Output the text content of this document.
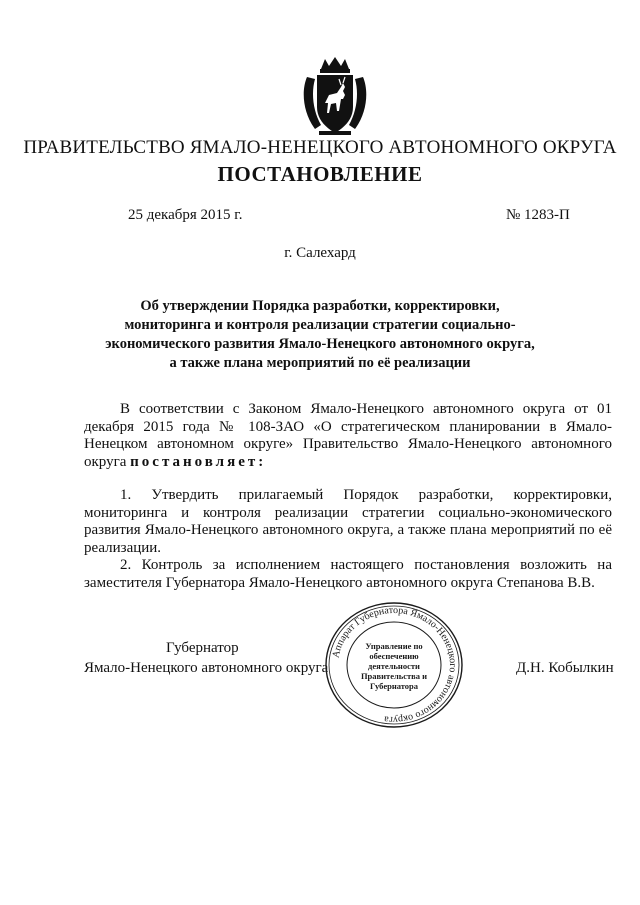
ПРАВИТЕЛЬСТВО ЯМАЛО-НЕНЕЦКОГО АВТОНОМНОГО ОКРУГА
ПОСТАНОВЛЕНИЕ
25 декабря 2015 г.	№ 1283-П
г. Салехард
Об утверждении Порядка разработки, корректировки,
мониторинга и контроля реализации стратегии социально-
экономического развития Ямало-Ненецкого автономного округа,
а также плана мероприятий по её реализации

В соответствии с Законом Ямало-Ненецкого автономного округа от 01 декабря 2015 года № 108-ЗАО «О стратегическом планировании в Ямало-Ненецком автономном округе» Правительство Ямало-Ненецкого автономного округа постановляет:

1. Утвердить прилагаемый Порядок разработки, корректировки, мониторинга и контроля реализации стратегии социально-экономического развития Ямало-Ненецкого автономного округа, а также плана мероприятий по её реализации.

2. Контроль за исполнением настоящего постановления возложить на заместителя Губернатора Ямало-Ненецкого автономного округа Степанова В.В.

Губернатор
Ямало-Ненецкого автономного округа	Д.Н. Кобылкин
Аппарат Губернатора Ямало-Ненецкого автономного округа
Управление по обеспечению деятельности Правительства и Губернатора
